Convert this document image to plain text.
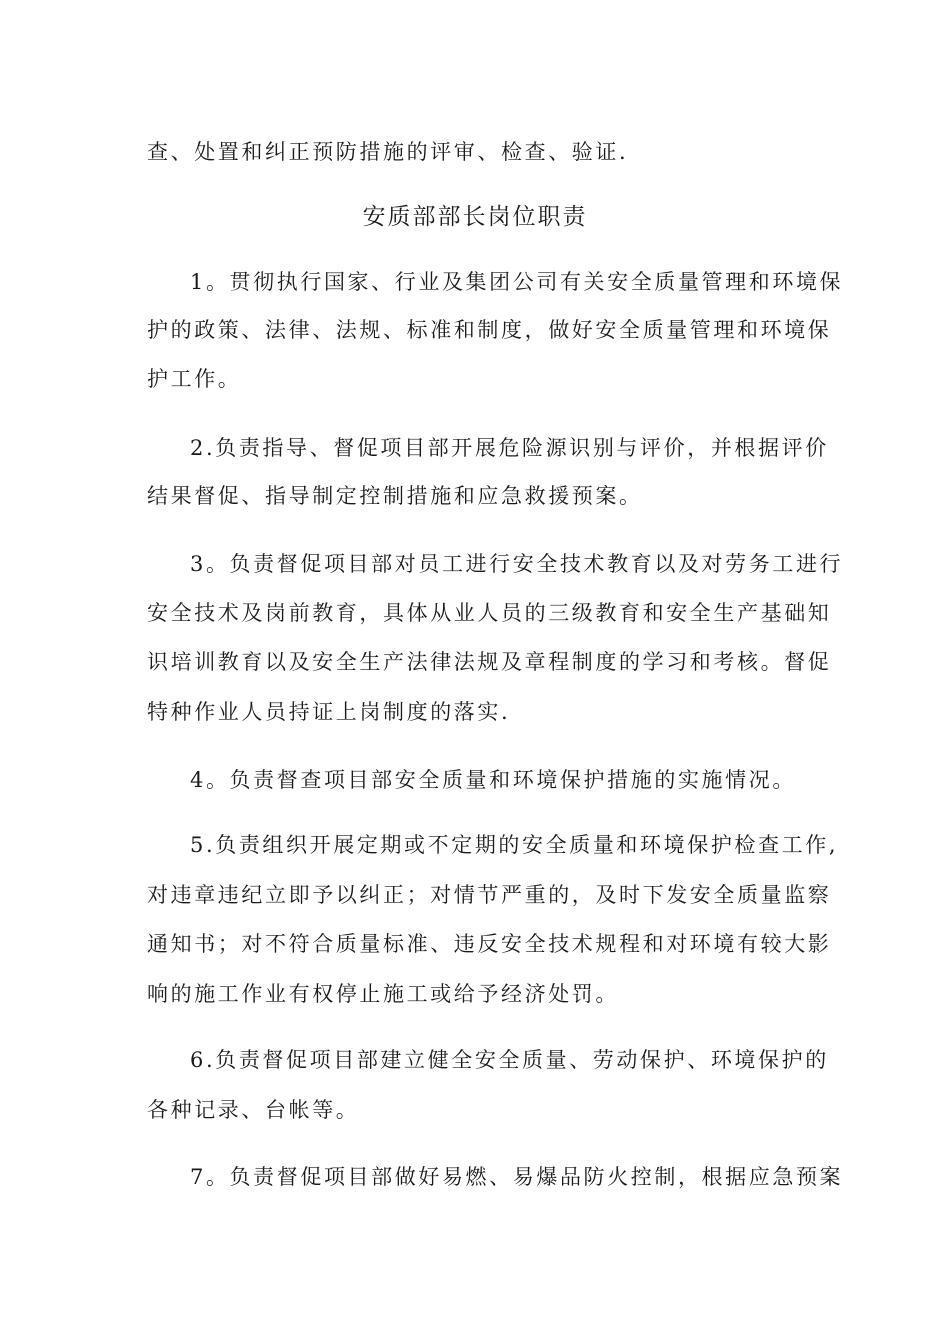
查、处置和纠正预防措施的评审、检查、验证.
安质部部长岗位职责
1。贯彻执行国家、行业及集团公司有关安全质量管理和环境保
护的政策、法律、法规、标准和制度，做好安全质量管理和环境保
护工作。
2.负责指导、督促项目部开展危险源识别与评价，并根据评价
结果督促、指导制定控制措施和应急救援预案。
3。负责督促项目部对员工进行安全技术教育以及对劳务工进行
安全技术及岗前教育，具体从业人员的三级教育和安全生产基础知
识培训教育以及安全生产法律法规及章程制度的学习和考核。督促
特种作业人员持证上岗制度的落实.
4。负责督查项目部安全质量和环境保护措施的实施情况。
5.负责组织开展定期或不定期的安全质量和环境保护检查工作,
对违章违纪立即予以纠正；对情节严重的，及时下发安全质量监察
通知书；对不符合质量标准、违反安全技术规程和对环境有较大影
响的施工作业有权停止施工或给予经济处罚。
6.负责督促项目部建立健全安全质量、劳动保护、环境保护的
各种记录、台帐等。
7。负责督促项目部做好易燃、易爆品防火控制，根据应急预案
